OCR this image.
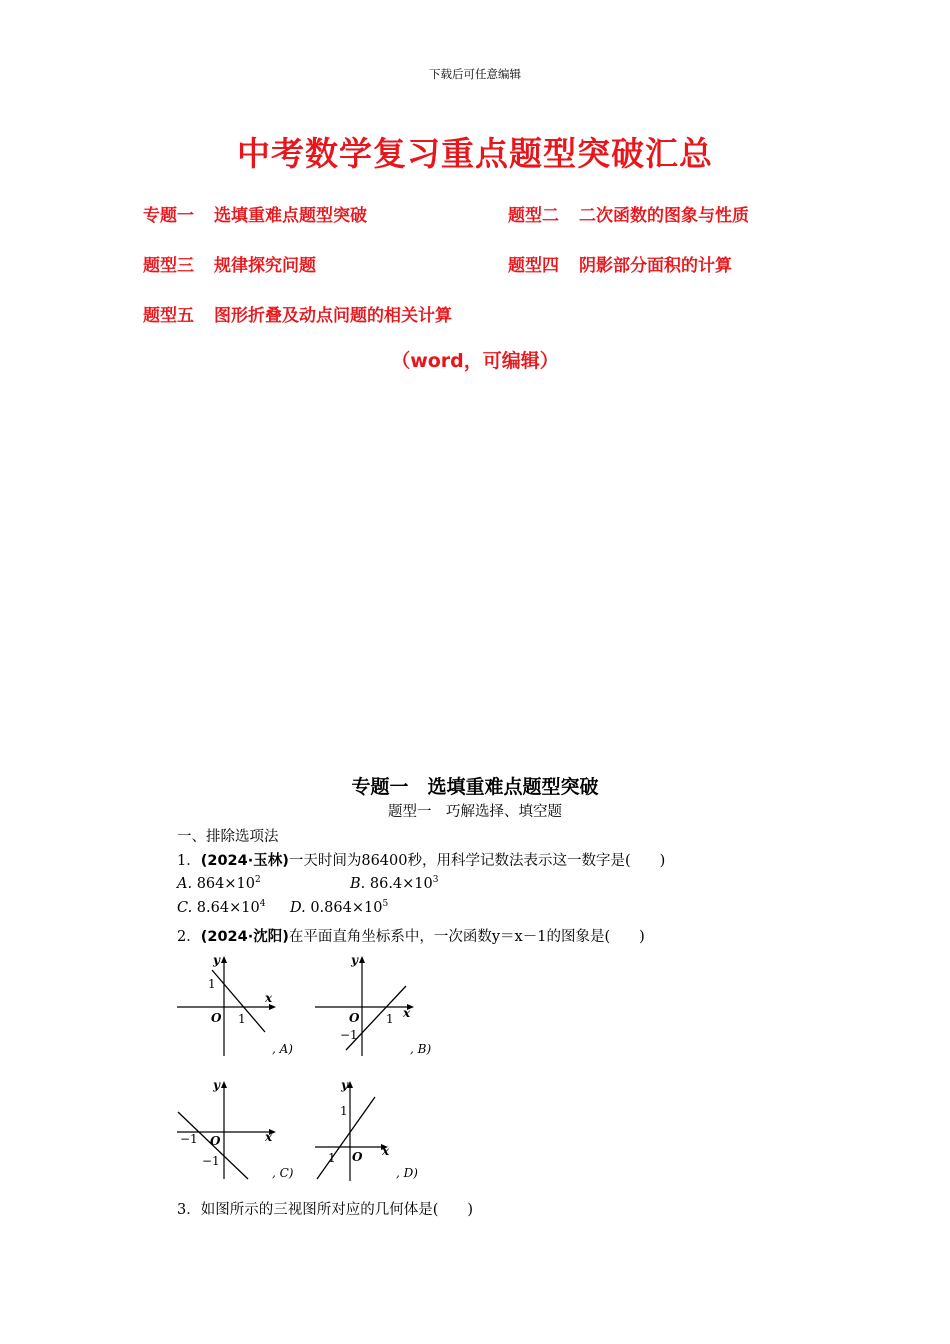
下载后可任意编辑
中考数学复习重点题型突破汇总
专题一 选填重难点题型突破	题型二 二次函数的图象与性质
题型三 规律探究问题	题型四 阴影部分面积的计算
题型五 图形折叠及动点问题的相关计算
（word，可编辑）
专题一　选填重难点题型突破
题型一　巧解选择、填空题
一、排除选项法
1．(2024·玉林)一天时间为86400秒，用科学记数法表示这一数字是(　　)
A. $864\times 10^2$	B. $86.4\times 10^3$
C. $8.64\times 10^4$ D. $0.864\times 10^5$
2．(2024·沈阳)在平面直角坐标系中，一次函数y＝x－1的图象是(　　)
y
x
O
1
1
, A)
y
x
O
−1
1
, B)
y
x
O
−1
−1
, C)
y
x
O
1
1
, D)
3．如图所示的三视图所对应的几何体是(　　)
